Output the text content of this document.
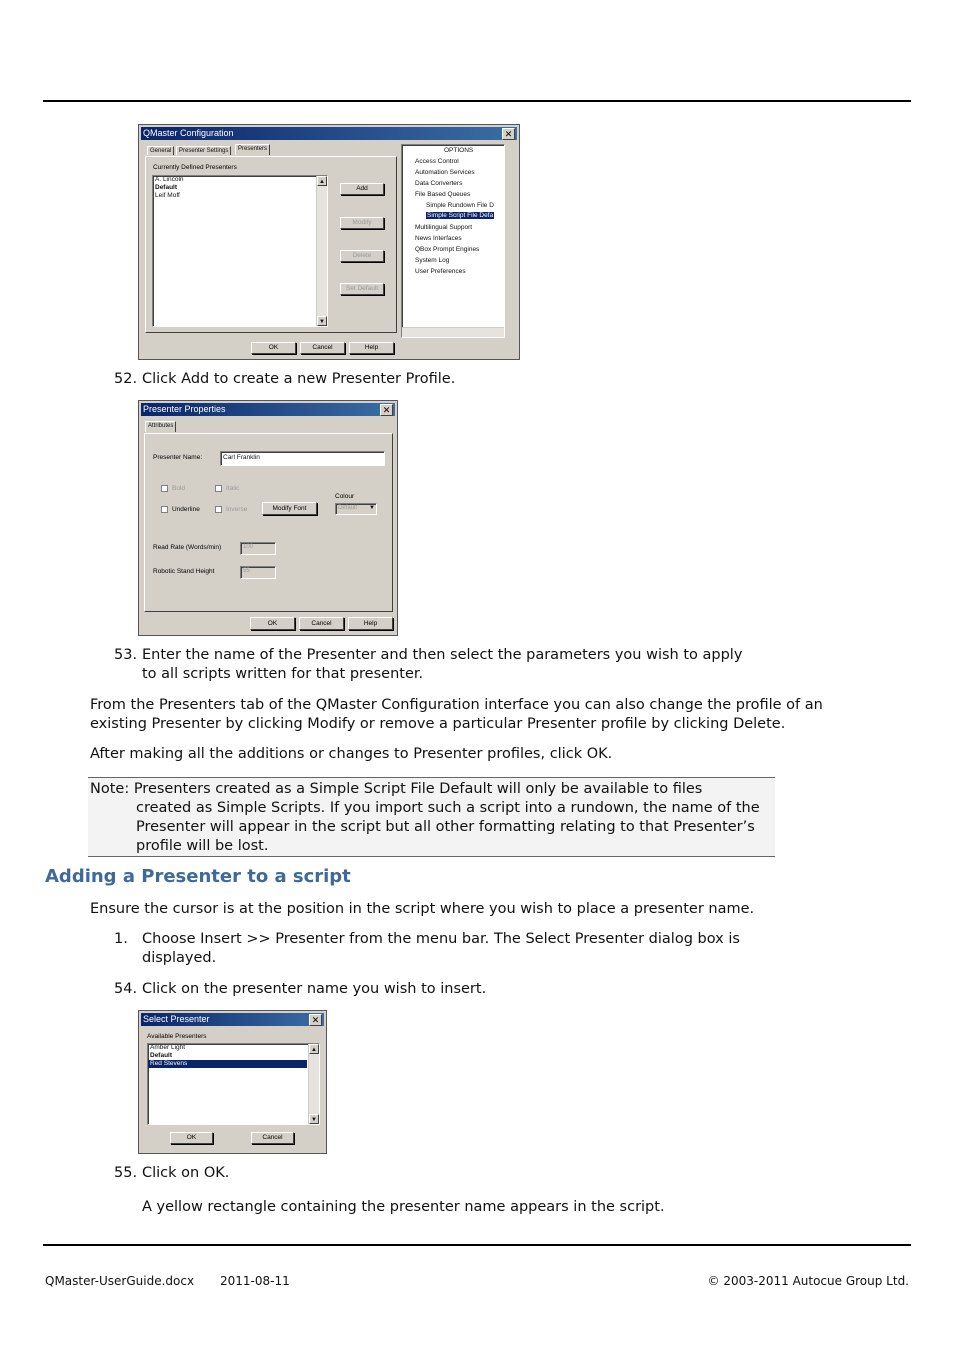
QMaster Configuration	✕
General	Presenter Settings	Presenters
Currently Defined Presenters
A. Lincoln
Default
Leif Moff
▲
▼
Add
Modify
Delete
Set Default
OPTIONS
Access Control
Automation Services
Data Converters
File Based Queues
Simple Rundown File D
Simple Script File Defa
Multilingual Support
News Interfaces
QBox Prompt Engines
System Log
User Preferences
OK	Cancel	Help
52. Click Add to create a new Presenter Profile.
Presenter Properties	✕
Attributes
Presenter Name:	Carl Franklin
Bold	Italic
Underline	Inverse	Modify Font
Colour
Default ▼
Read Rate (Words/min)	100
Robotic Stand Height	55
OK	Cancel	Help
53. Enter the name of the Presenter and then select the parameters you wish to apply
to all scripts written for that presenter.
From the Presenters tab of the QMaster Configuration interface you can also change the profile of an
existing Presenter by clicking Modify or remove a particular Presenter profile by clicking Delete.
After making all the additions or changes to Presenter profiles, click OK.
Note: Presenters created as a Simple Script File Default will only be available to files
created as Simple Scripts. If you import such a script into a rundown, the name of the
Presenter will appear in the script but all other formatting relating to that Presenter’s
profile will be lost.
Adding a Presenter to a script
Ensure the cursor is at the position in the script where you wish to place a presenter name.
1. Choose Insert >> Presenter from the menu bar. The Select Presenter dialog box is
displayed.
54. Click on the presenter name you wish to insert.
Select Presenter	✕
Available Presenters
Amber Light
Default
Red Stevens
▲
▼
OK	Cancel
55. Click on OK.
A yellow rectangle containing the presenter name appears in the script.
QMaster-UserGuide.docx 2011-08-11	© 2003-2011 Autocue Group Ltd.
